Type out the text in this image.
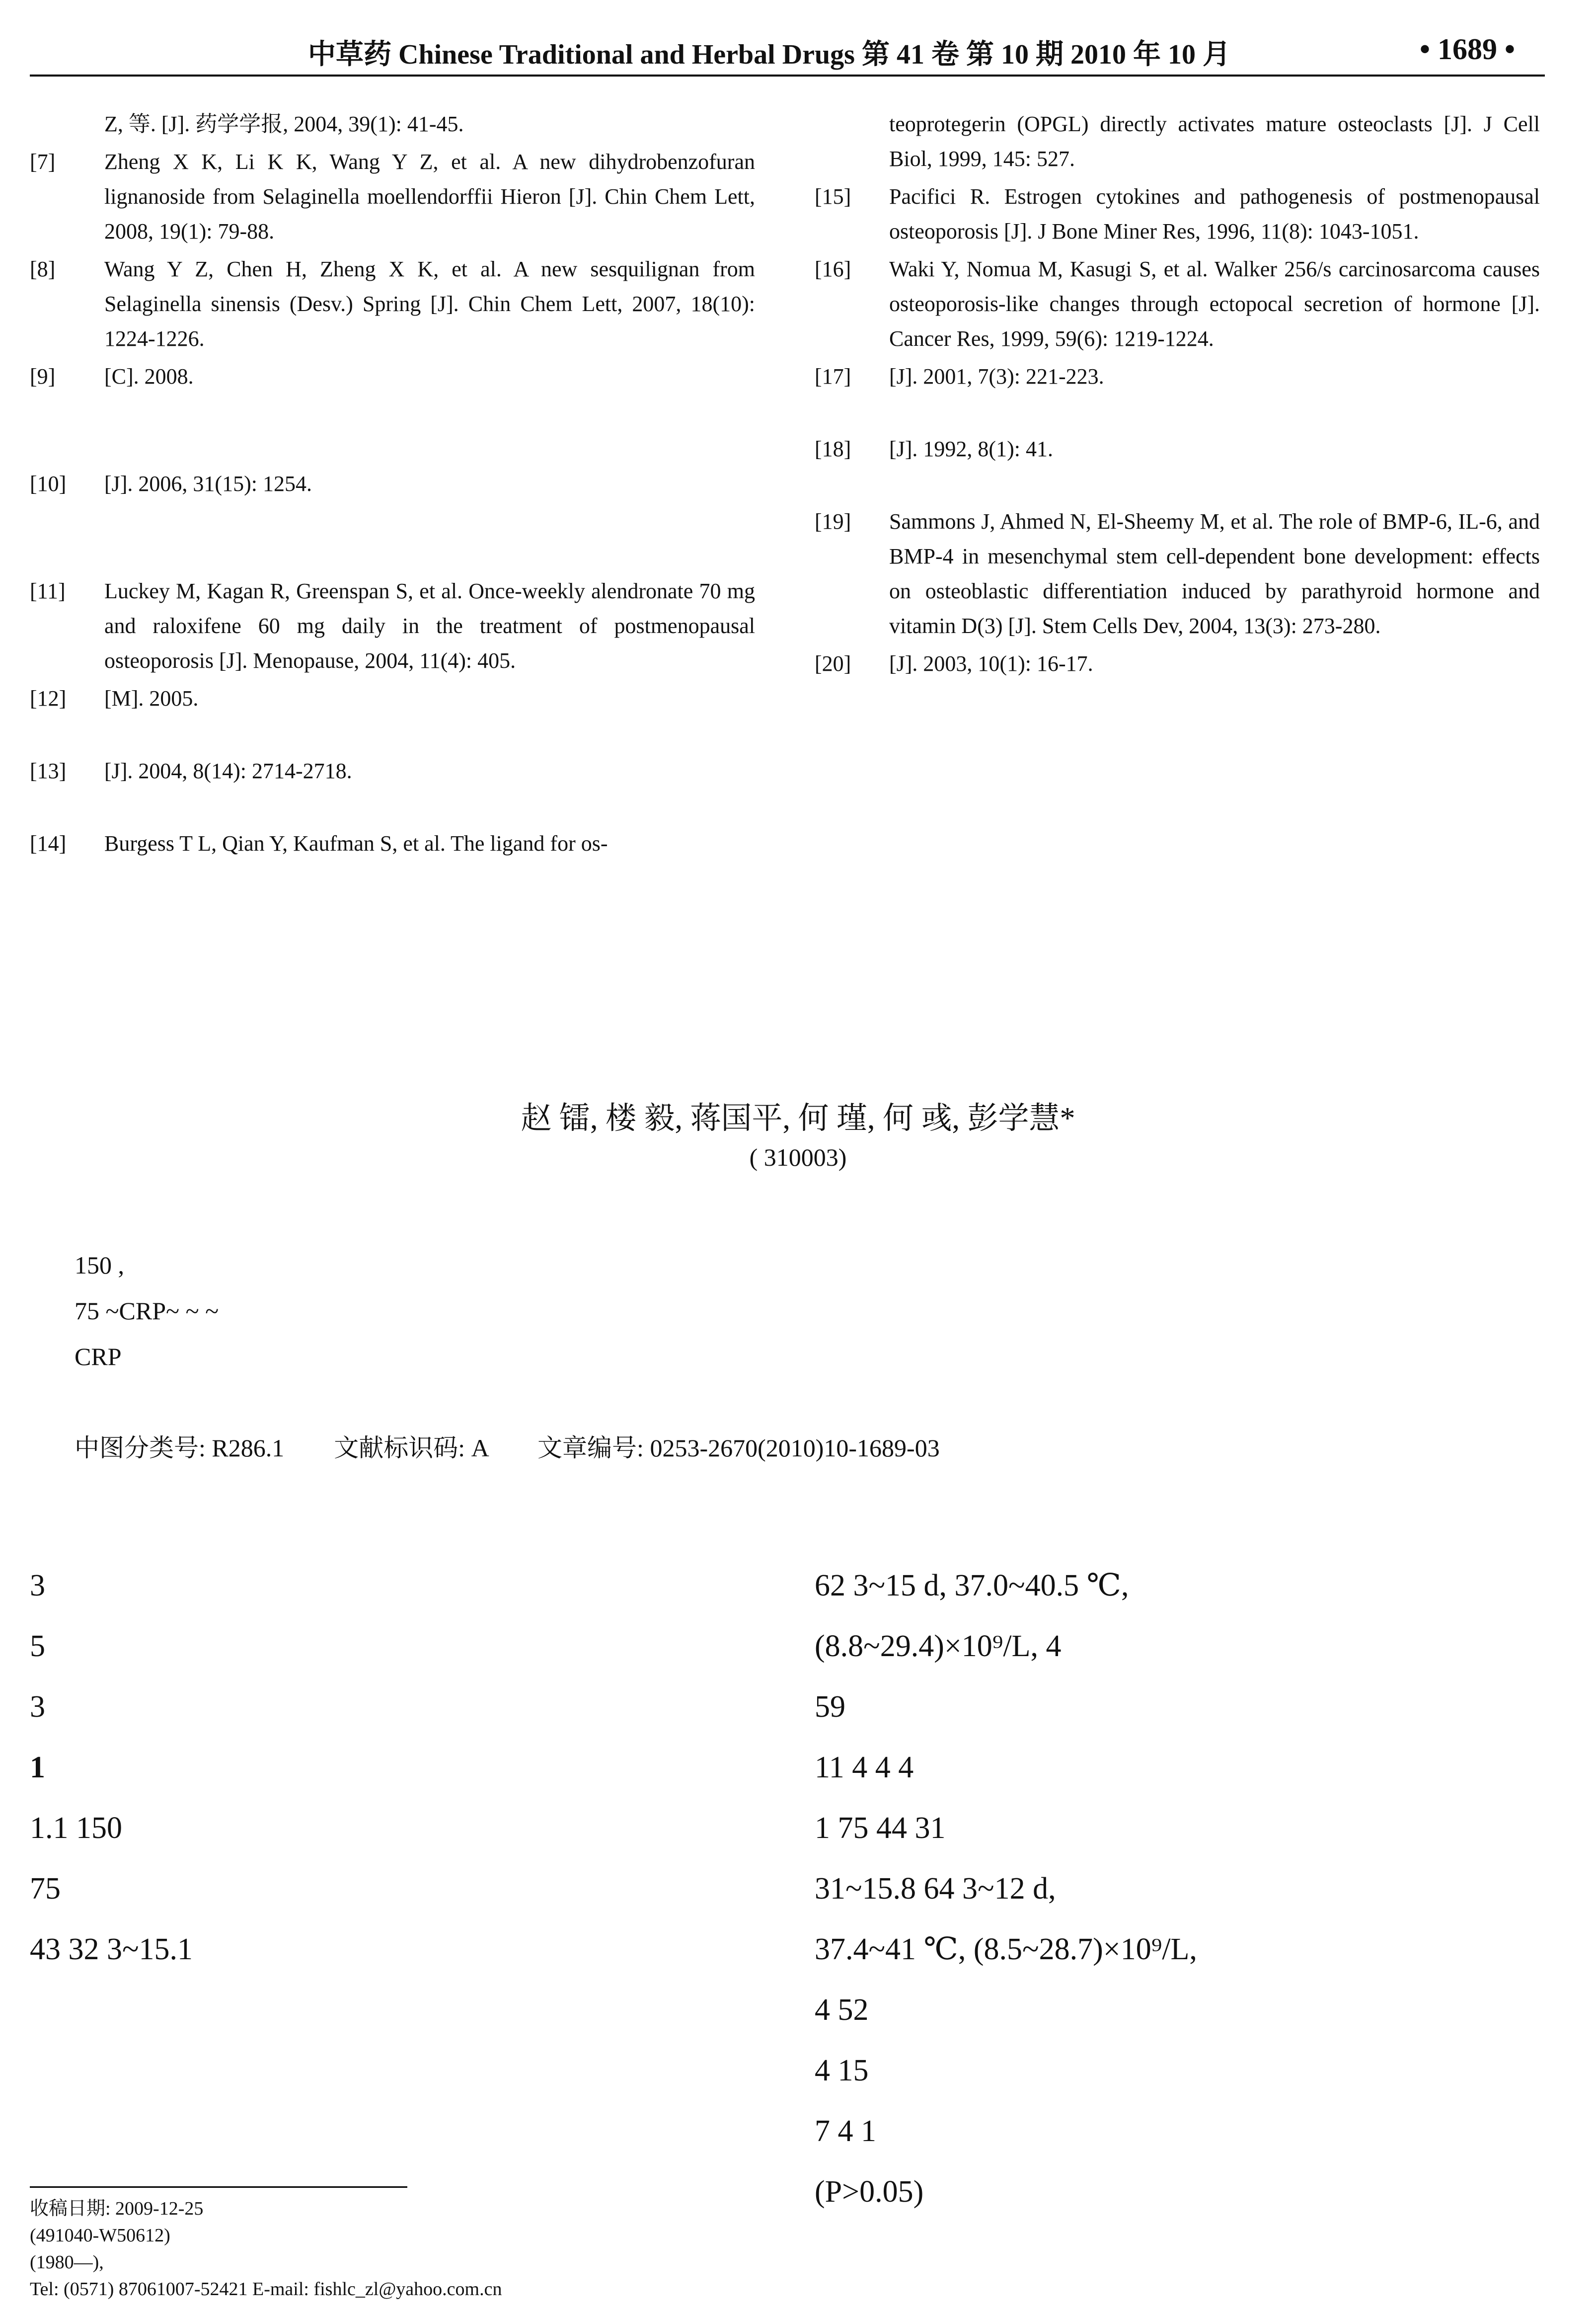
中草药 Chinese Traditional and Herbal Drugs 第 41 卷 第 10 期 2010 年 10 月	• 1689 •
Z, 等. [J]. 药学学报, 2004, 39(1): 41-45.
[7]	Zheng X K, Li K K, Wang Y Z, et al. A new dihydrobenzofuran lignanoside from Selaginella moellendorffii Hieron [J]. Chin Chem Lett, 2008, 19(1): 79-88.
[8]	Wang Y Z, Chen H, Zheng X K, et al. A new sesquilignan from Selaginella sinensis (Desv.) Spring [J]. Chin Chem Lett, 2007, 18(10): 1224-1226.
[9]	[C]. 2008.
[10]	[J]. 2006, 31(15): 1254.
[11]	Luckey M, Kagan R, Greenspan S, et al. Once-weekly alendronate 70 mg and raloxifene 60 mg daily in the treatment of postmenopausal osteoporosis [J]. Menopause, 2004, 11(4): 405.
[12]	[M]. 2005.
[13]	[J]. 2004, 8(14): 2714-2718.
[14]	Burgess T L, Qian Y, Kaufman S, et al. The ligand for os-
teoprotegerin (OPGL) directly activates mature osteoclasts [J]. J Cell Biol, 1999, 145: 527.
[15]	Pacifici R. Estrogen cytokines and pathogenesis of postmenopausal osteoporosis [J]. J Bone Miner Res, 1996, 11(8): 1043-1051.
[16]	Waki Y, Nomua M, Kasugi S, et al. Walker 256/s carcinosarcoma causes osteoporosis-like changes through ectopocal secretion of hormone [J]. Cancer Res, 1999, 59(6): 1219-1224.
[17]	[J]. 2001, 7(3): 221-223.
[18]	[J]. 1992, 8(1): 41.
[19]	Sammons J, Ahmed N, El-Sheemy M, et al. The role of BMP-6, IL-6, and BMP-4 in mesenchymal stem cell-dependent bone development: effects on osteoblastic differentiation induced by parathyroid hormone and vitamin D(3) [J]. Stem Cells Dev, 2004, 13(3): 273-280.
[20]	[J]. 2003, 10(1): 16-17.
赵 镭, 楼 毅, 蒋国平, 何 瑾, 何 彧, 彭学慧*
( 310003)

150 ,

75 ~CRP~ ~ ~

CRP

中图分类号: R286.1 文献标识码: A 文章编号: 0253-2670(2010)10-1689-03

3

5

3

1

1.1 150

75

43 32 3~15.1

62 3~15 d, 37.0~40.5 ℃,

(8.8~29.4)×10⁹/L, 4

59

11 4 4 4

1 75 44 31

31~15.8 64 3~12 d,

37.4~41 ℃, (8.5~28.7)×10⁹/L,

4 52

4 15

7 4 1

(P>0.05)

收稿日期: 2009-12-25

(491040-W50612)

(1980—),

Tel: (0571) 87061007-52421 E-mail: fishlc_zl@yahoo.com.cn
